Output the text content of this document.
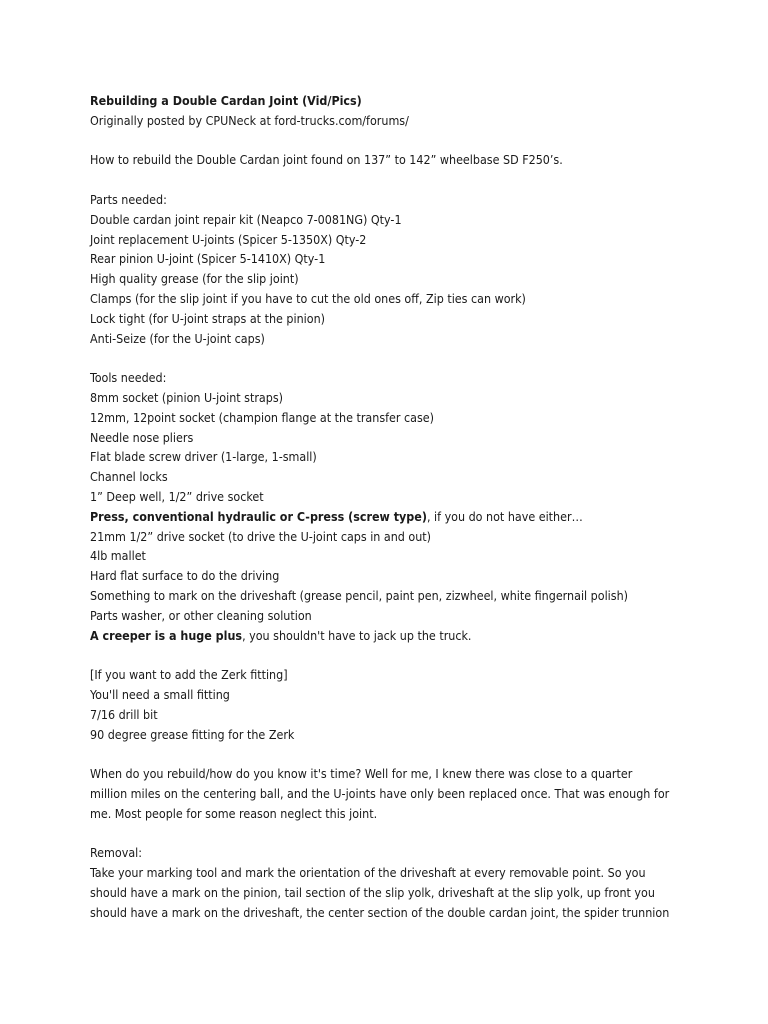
Rebuilding a Double Cardan Joint (Vid/Pics)
Originally posted by CPUNeck at ford-trucks.com/forums/
How to rebuild the Double Cardan joint found on 137” to 142” wheelbase SD F250’s.
Parts needed:
Double cardan joint repair kit (Neapco 7-0081NG) Qty-1
Joint replacement U-joints (Spicer 5-1350X) Qty-2
Rear pinion U-joint (Spicer 5-1410X) Qty-1
High quality grease (for the slip joint)
Clamps (for the slip joint if you have to cut the old ones off, Zip ties can work)
Lock tight (for U-joint straps at the pinion)
Anti-Seize (for the U-joint caps)
Tools needed:
8mm socket (pinion U-joint straps)
12mm, 12point socket (champion flange at the transfer case)
Needle nose pliers
Flat blade screw driver (1-large, 1-small)
Channel locks
1” Deep well, 1/2” drive socket
Press, conventional hydraulic or C-press (screw type), if you do not have either…
21mm 1/2” drive socket (to drive the U-joint caps in and out)
4lb mallet
Hard flat surface to do the driving
Something to mark on the driveshaft (grease pencil, paint pen, zizwheel, white fingernail polish)
Parts washer, or other cleaning solution
A creeper is a huge plus, you shouldn't have to jack up the truck.
[If you want to add the Zerk fitting]
You'll need a small fitting
7/16 drill bit
90 degree grease fitting for the Zerk
When do you rebuild/how do you know it's time? Well for me, I knew there was close to a quarter
million miles on the centering ball, and the U-joints have only been replaced once. That was enough for
me. Most people for some reason neglect this joint.
Removal:
Take your marking tool and mark the orientation of the driveshaft at every removable point. So you
should have a mark on the pinion, tail section of the slip yolk, driveshaft at the slip yolk, up front you
should have a mark on the driveshaft, the center section of the double cardan joint, the spider trunnion
